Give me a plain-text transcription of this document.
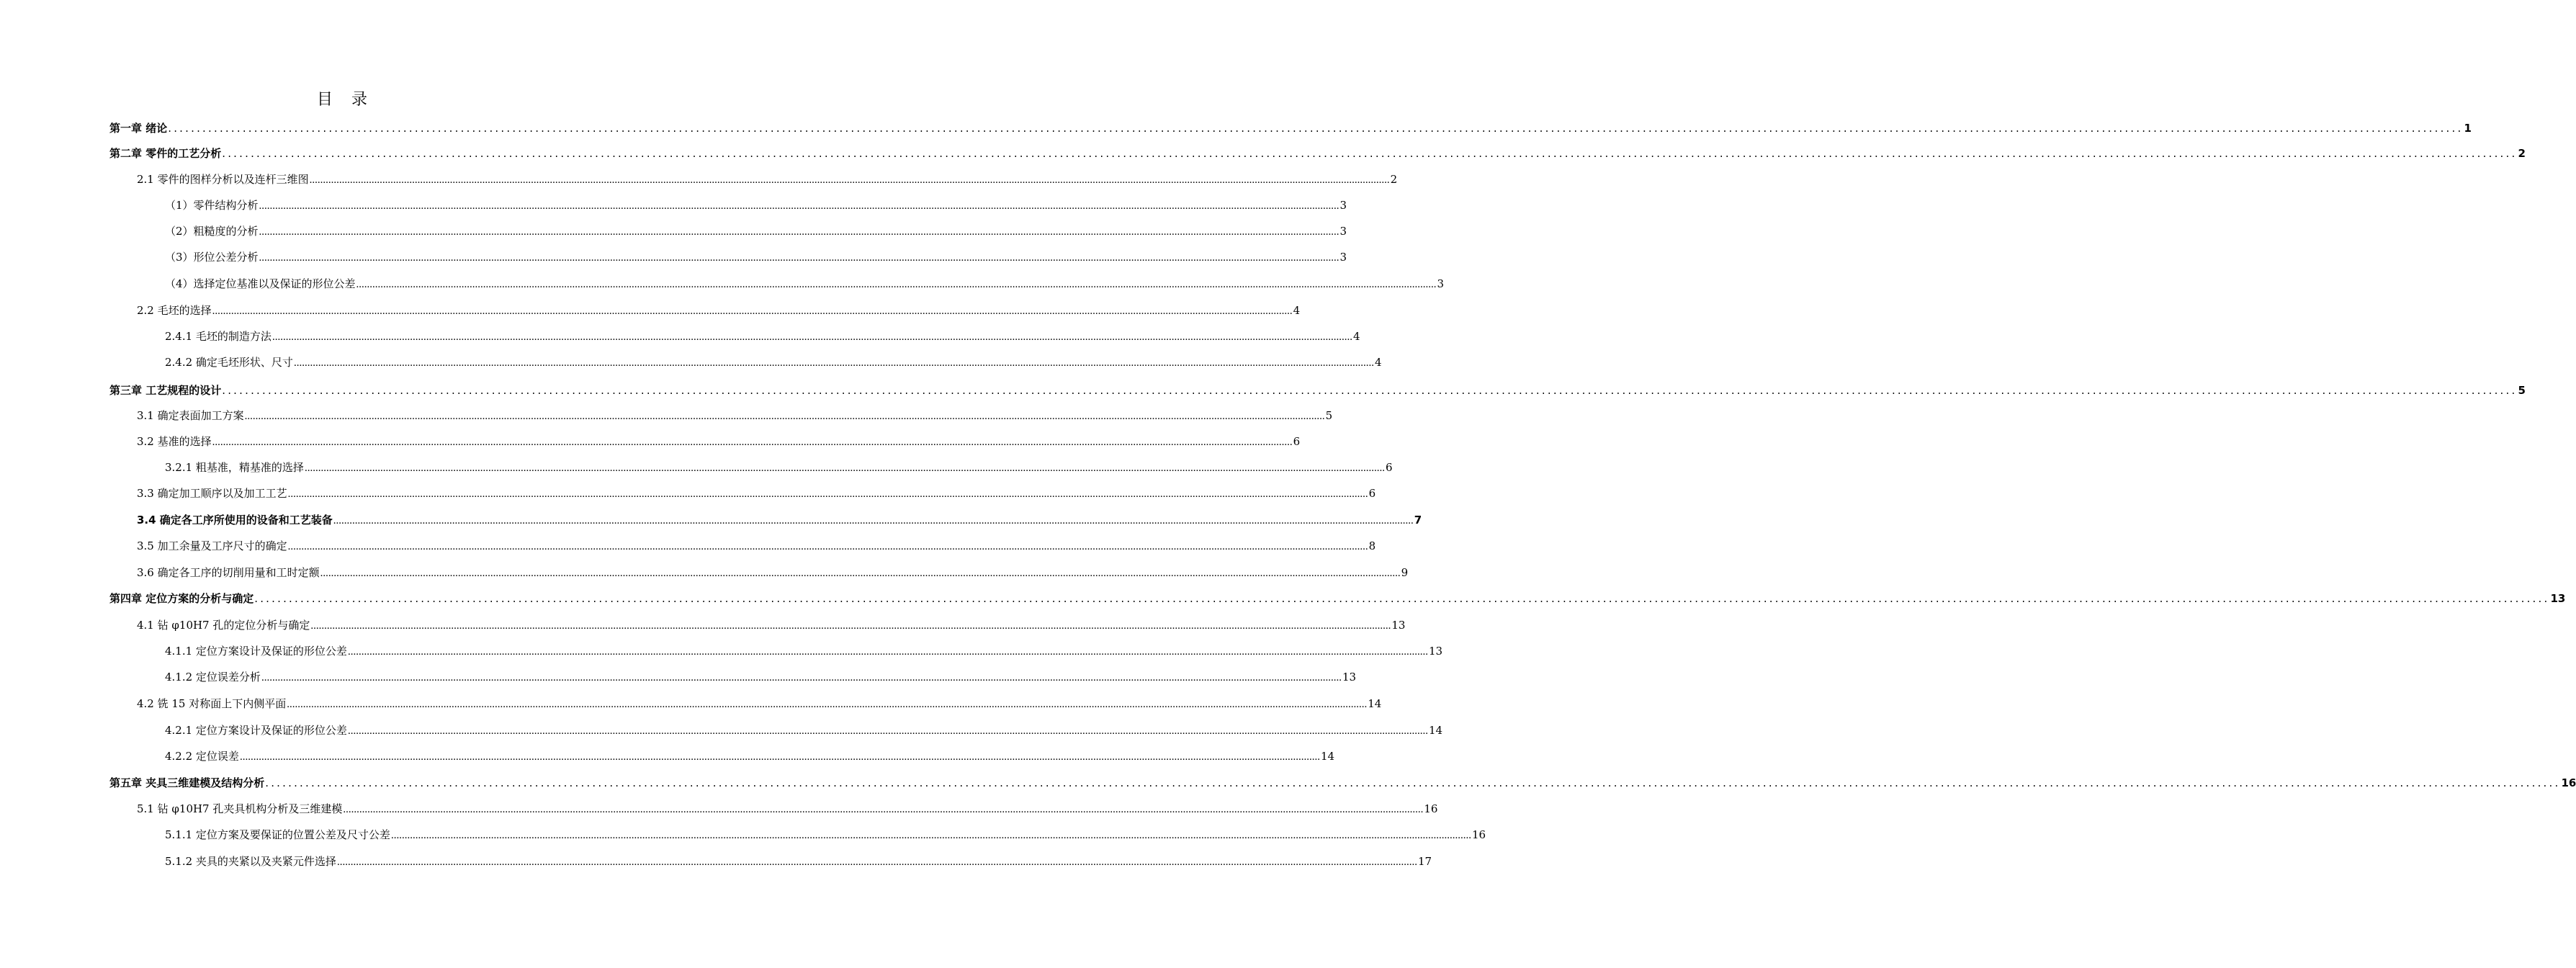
目录
第一章 绪论 ................................................................................................................................................................................................................................................................................................................................................................................................................ 1
第二章 零件的工艺分析 ................................................................................................................................................................................................................................................................................................................................................................................................................ 2
2.1 零件的图样分析以及连杆三维图 ................................................................................................................................................................................................................................................................................................................................................................................................................ 2
（1）零件结构分析 ................................................................................................................................................................................................................................................................................................................................................................................................................ 3
（2）粗糙度的分析 ................................................................................................................................................................................................................................................................................................................................................................................................................ 3
（3）形位公差分析 ................................................................................................................................................................................................................................................................................................................................................................................................................ 3
（4）选择定位基准以及保证的形位公差 ................................................................................................................................................................................................................................................................................................................................................................................................................ 3
2.2 毛坯的选择 ................................................................................................................................................................................................................................................................................................................................................................................................................ 4
2.4.1 毛坯的制造方法 ................................................................................................................................................................................................................................................................................................................................................................................................................ 4
2.4.2 确定毛坯形状、尺寸 ................................................................................................................................................................................................................................................................................................................................................................................................................ 4
第三章 工艺规程的设计 ................................................................................................................................................................................................................................................................................................................................................................................................................ 5
3.1 确定表面加工方案 ................................................................................................................................................................................................................................................................................................................................................................................................................ 5
3.2 基准的选择 ................................................................................................................................................................................................................................................................................................................................................................................................................ 6
3.2.1 粗基准，精基准的选择 ................................................................................................................................................................................................................................................................................................................................................................................................................ 6
3.3 确定加工顺序以及加工工艺 ................................................................................................................................................................................................................................................................................................................................................................................................................ 6
3.4 确定各工序所使用的设备和工艺装备 ................................................................................................................................................................................................................................................................................................................................................................................................................ 7
3.5 加工余量及工序尺寸的确定 ................................................................................................................................................................................................................................................................................................................................................................................................................ 8
3.6 确定各工序的切削用量和工时定额 ................................................................................................................................................................................................................................................................................................................................................................................................................ 9
第四章 定位方案的分析与确定 ................................................................................................................................................................................................................................................................................................................................................................................................................ 13
4.1 钻 φ10H7 孔的定位分析与确定 ................................................................................................................................................................................................................................................................................................................................................................................................................ 13
4.1.1 定位方案设计及保证的形位公差 ................................................................................................................................................................................................................................................................................................................................................................................................................ 13
4.1.2 定位误差分析 ................................................................................................................................................................................................................................................................................................................................................................................................................ 13
4.2 铣 15 对称面上下内侧平面 ................................................................................................................................................................................................................................................................................................................................................................................................................ 14
4.2.1 定位方案设计及保证的形位公差 ................................................................................................................................................................................................................................................................................................................................................................................................................ 14
4.2.2 定位误差 ................................................................................................................................................................................................................................................................................................................................................................................................................ 14
第五章 夹具三维建模及结构分析 ................................................................................................................................................................................................................................................................................................................................................................................................................ 16
5.1 钻 φ10H7 孔夹具机构分析及三维建模 ................................................................................................................................................................................................................................................................................................................................................................................................................ 16
5.1.1 定位方案及要保证的位置公差及尺寸公差 ................................................................................................................................................................................................................................................................................................................................................................................................................ 16
5.1.2 夹具的夹紧以及夹紧元件选择 ................................................................................................................................................................................................................................................................................................................................................................................................................ 17
